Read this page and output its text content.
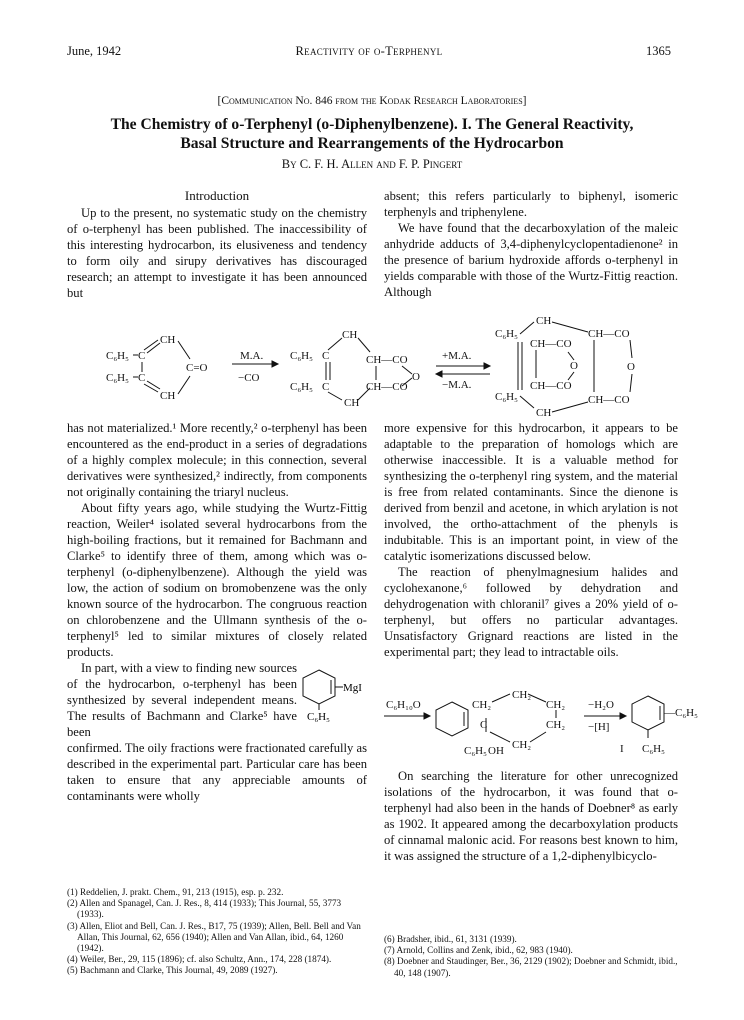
June, 1942	Reactivity of o-Terphenyl	1365
[Communication No. 846 from the Kodak Research Laboratories]
The Chemistry of o-Terphenyl (o-Diphenylbenzene). I. The General Reactivity,
Basal Structure and Rearrangements of the Hydrocarbon
By C. F. H. Allen and F. P. Pingert
Introduction

Up to the present, no systematic study on the chemistry of o-terphenyl has been published. The inaccessibility of this interesting hydrocarbon, its elusiveness and tendency to form oily and sirupy derivatives has discouraged research; an attempt to investigate it has been announced but

absent; this refers particularly to biphenyl, isomeric terphenyls and triphenylene.

We have found that the decarboxylation of the maleic anhydride adducts of 3,4-diphenylcyclopentadienone² in the presence of barium hydroxide affords o-terphenyl in yields comparable with those of the Wurtz-Fittig reaction. Although

C₆H₅
C₆H₅
C
C
CH
CH
C=O
M.A.
−CO
C₆H₅ C
C₆H₅ C
CH
CH
CH—CO
CH—CO
O
+M.A.
−M.A.
C₆H₅
C₆H₅
CH
CH
CH—CO
CH—CO
O
CH—CO
CH—CO
O

has not materialized.¹ More recently,² o-terphenyl has been encountered as the end-product in a series of degradations of a highly complex molecule; in this connection, several derivatives were synthesized,² indirectly, from components not originally containing the triaryl nucleus.

About fifty years ago, while studying the Wurtz-Fittig reaction, Weiler⁴ isolated several hydrocarbons from the high-boiling fractions, but it remained for Bachmann and Clarke⁵ to identify three of them, among which was o-terphenyl (o-diphenylbenzene). Although the yield was low, the action of sodium on bromobenzene was the only known source of the hydrocarbon. The congruous reaction on chlorobenzene and the Ullmann synthesis of the o-terphenyl⁵ led to similar mixtures of closely related products.

In part, with a view to finding new sources of the hydrocarbon, o-terphenyl has been synthesized by several independent means. The results of Bachmann and Clarke⁵ have been

MgI
C₆H₅

confirmed. The oily fractions were fractionated carefully as described in the experimental part. Particular care has been taken to ensure that any appreciable amounts of contaminants were wholly

more expensive for this hydrocarbon, it appears to be adaptable to the preparation of homologs which are otherwise inaccessible. It is a valuable method for synthesizing the o-terphenyl ring system, and the material is free from related contaminants. Since the dienone is derived from benzil and acetone, in which arylation is not involved, the ortho-attachment of the phenyls is indubitable. This is an important point, in view of the catalytic isomerizations discussed below.

The reaction of phenylmagnesium halides and cyclohexanone,⁶ followed by dehydration and dehydrogenation with chloranil⁷ gives a 20% yield of o-terphenyl, but offers no particular advantages. Unsatisfactory Grignard reactions are listed in the experimental part; they lead to intractable oils.

C₆H₁₀O	CH₂
CH₂
CH₂
CH₂
C
C₆H₅ OH CH₂
−H₂O
−[H]
—C₆H₅
C₆H₅
I

On searching the literature for other unrecognized isolations of the hydrocarbon, it was found that o-terphenyl had also been in the hands of Doebner⁸ as early as 1902. It appeared among the decarboxylation products of cinnamal malonic acid. For reasons best known to him, it was assigned the structure of a 1,2-diphenylbicyclo-

(1) Reddelien, J. prakt. Chem., 91, 213 (1915), esp. p. 232.

(2) Allen and Spanagel, Can. J. Res., 8, 414 (1933); This Journal, 55, 3773 (1933).

(3) Allen, Eliot and Bell, Can. J. Res., B17, 75 (1939); Allen, Bell. Bell and Van Allan, This Journal, 62, 656 (1940); Allen and Van Allan, ibid., 64, 1260 (1942).

(4) Weiler, Ber., 29, 115 (1896); cf. also Schultz, Ann., 174, 228 (1874).

(5) Bachmann and Clarke, This Journal, 49, 2089 (1927).

(6) Bradsher, ibid., 61, 3131 (1939).

(7) Arnold, Collins and Zenk, ibid., 62, 983 (1940).

(8) Doebner and Staudinger, Ber., 36, 2129 (1902); Doebner and Schmidt, ibid., 40, 148 (1907).
